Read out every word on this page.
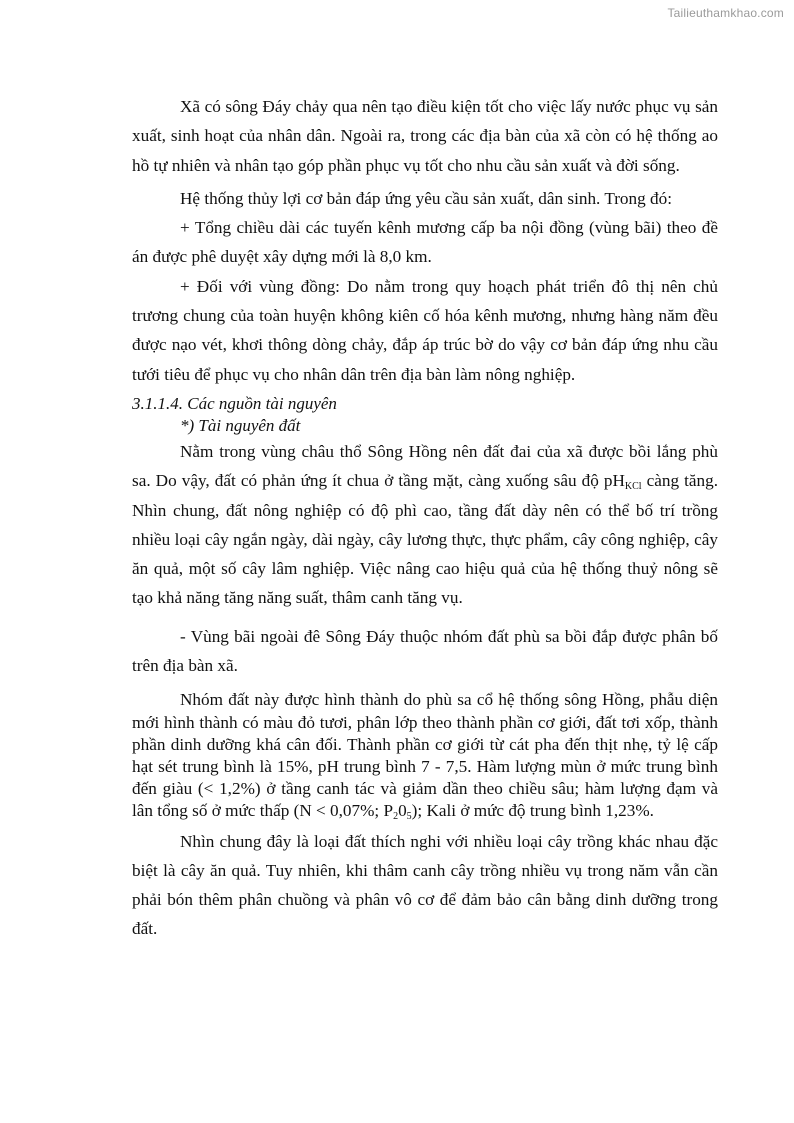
Tailieuthamkhao.com

Xã có sông Đáy chảy qua nên tạo điều kiện tốt cho việc lấy nước phục vụ sản xuất, sinh hoạt của nhân dân. Ngoài ra, trong các địa bàn của xã còn có hệ thống ao hồ tự nhiên và nhân tạo góp phần phục vụ tốt cho nhu cầu sản xuất và đời sống.

Hệ thống thủy lợi cơ bản đáp ứng yêu cầu sản xuất, dân sinh. Trong đó:

+ Tổng chiều dài các tuyến kênh mương cấp ba nội đồng (vùng bãi) theo đề án được phê duyệt xây dựng mới là 8,0 km.

+ Đối với vùng đồng: Do nằm trong quy hoạch phát triển đô thị nên chủ trương chung của toàn huyện không kiên cố hóa kênh mương, nhưng hàng năm đều được nạo vét, khơi thông dòng chảy, đắp áp trúc bờ do vậy cơ bản đáp ứng nhu cầu tưới tiêu để phục vụ cho nhân dân trên địa bàn làm nông nghiệp.

3.1.1.4. Các nguồn tài nguyên

*) Tài nguyên đất

Nằm trong vùng châu thổ Sông Hồng nên đất đai của xã được bồi lắng phù sa. Do vậy, đất có phản ứng ít chua ở tầng mặt, càng xuống sâu độ $pH_{KCl}$ càng tăng. Nhìn chung, đất nông nghiệp có độ phì cao, tầng đất dày nên có thể bố trí trồng nhiều loại cây ngắn ngày, dài ngày, cây lương thực, thực phẩm, cây công nghiệp, cây ăn quả, một số cây lâm nghiệp. Việc nâng cao hiệu quả của hệ thống thuỷ nông sẽ tạo khả năng tăng năng suất, thâm canh tăng vụ.

- Vùng bãi ngoài đê Sông Đáy thuộc nhóm đất phù sa bồi đắp được phân bố trên địa bàn xã.

Nhóm đất này được hình thành do phù sa cổ hệ thống sông Hồng, phẫu diện mới hình thành có màu đỏ tươi, phân lớp theo thành phần cơ giới, đất tơi xốp, thành phần dinh dưỡng khá cân đối. Thành phần cơ giới từ cát pha đến thịt nhẹ, tỷ lệ cấp hạt sét trung bình là 15%, pH trung bình 7 - 7,5. Hàm lượng mùn ở mức trung bình đến giàu (< 1,2%) ở tầng canh tác và giảm dần theo chiều sâu; hàm lượng đạm và lân tổng số ở mức thấp (N < 0,07%; $P_20_5$); Kali ở mức độ trung bình 1,23%.

Nhìn chung đây là loại đất thích nghi với nhiều loại cây trồng khác nhau đặc biệt là cây ăn quả. Tuy nhiên, khi thâm canh cây trồng nhiều vụ trong năm vẫn cần phải bón thêm phân chuồng và phân vô cơ để đảm bảo cân bằng dinh dưỡng trong đất.
